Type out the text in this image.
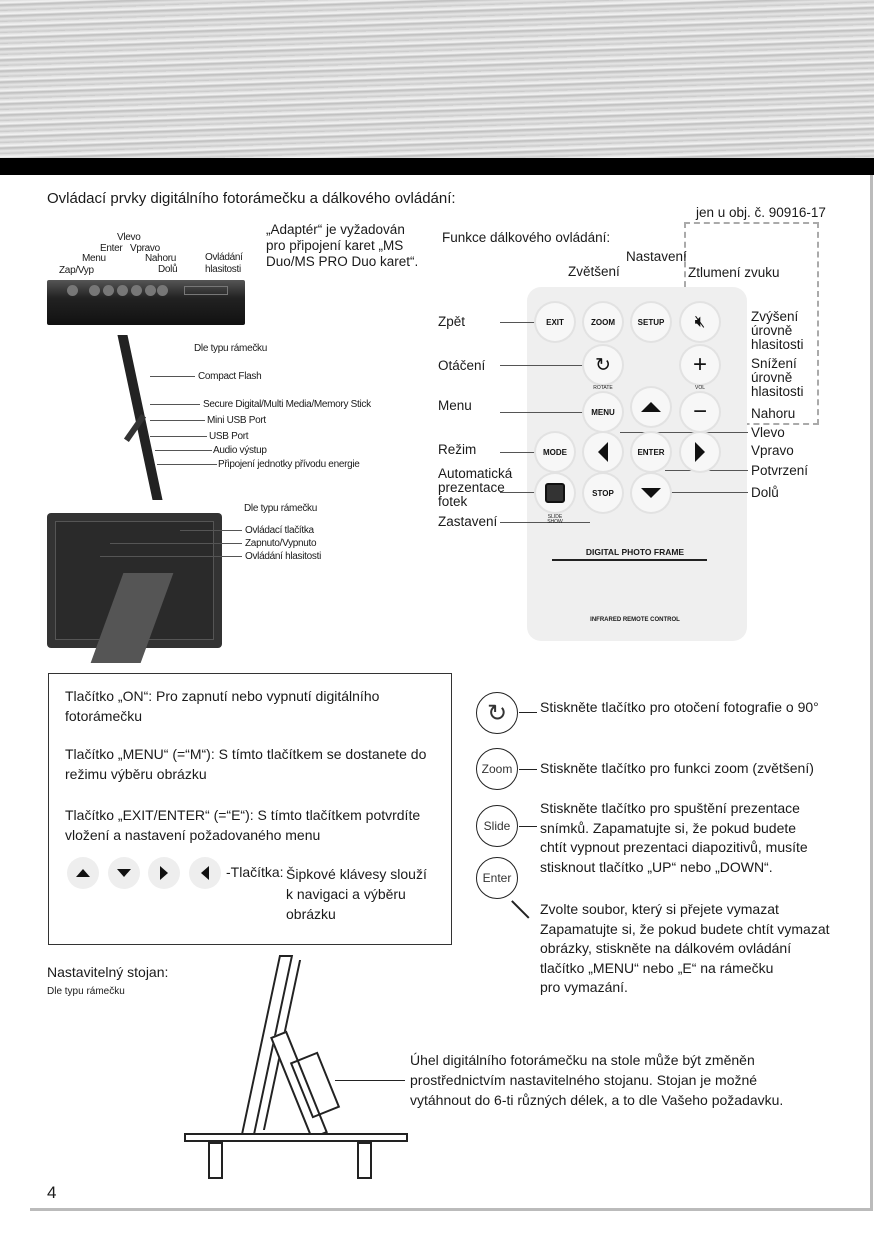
Ovládací prvky digitálního fotorámečku a dálkového ovládání:
Zap/Vyp
Menu
Enter
Vlevo
Vpravo
Nahoru
Dolů
Ovládání
hlasitosti
„Adaptér“ je vyžadován
pro připojení karet „MS
Duo/MS PRO Duo karet“.
Dle typu rámečku
Compact Flash
Secure Digital/Multi Media/Memory Stick
Mini USB Port
USB Port
Audio výstup
Připojení jednotky přívodu energie
Dle typu rámečku
Ovládací tlačítka
Zapnuto/Vypnuto
Ovládání hlasitosti
Funkce dálkového ovládání:
jen u obj. č. 90916-17
Zvětšení
Nastavení
Ztlumení zvuku
EXIT	ZOOM	SETUP	🔇︎
↻
ROTATE
+
VOL
−
MENU
MODE	ENTER
SLIDE SHOW
STOP
DIGITAL PHOTO FRAME
INFRARED REMOTE CONTROL
Zpět
Otáčení
Menu
Režim
Automatická
prezentace
fotek
Zastavení
Zvýšení
úrovně
hlasitosti
Snížení
úrovně
hlasitosti
Nahoru
Vlevo
Vpravo
Potvrzení
Dolů
Tlačítko „ON“: Pro zapnutí nebo vypnutí digitálního
fotorámečku
Tlačítko „MENU“ (=“M“): S tímto tlačítkem se dostanete do
režimu výběru obrázku
Tlačítko „EXIT/ENTER“ (=“E“): S tímto tlačítkem potvrdíte
vložení a nastavení požadovaného menu
-Tlačítka: Šipkové klávesy slouží
k navigaci a výběru
obrázku
↻	Stiskněte tlačítko pro otočení fotografie o 90°
Zoom	Stiskněte tlačítko pro funkci zoom (zvětšení)
Slide
Stiskněte tlačítko pro spuštění prezentace
snímků. Zapamatujte si, že pokud budete
chtít vypnout prezentaci diapozitivů, musíte
stisknout tlačítko „UP“ nebo „DOWN“.
Enter
Zvolte soubor, který si přejete vymazat
Zapamatujte si, že pokud budete chtít vymazat
obrázky, stiskněte na dálkovém ovládání
tlačítko „MENU“ nebo „E“ na rámečku
pro vymazání.
Nastavitelný stojan:
Dle typu rámečku
Úhel digitálního fotorámečku na stole může být změněn
prostřednictvím nastavitelného stojanu. Stojan je možné
vytáhnout do 6-ti různých délek, a to dle Vašeho požadavku.
4
